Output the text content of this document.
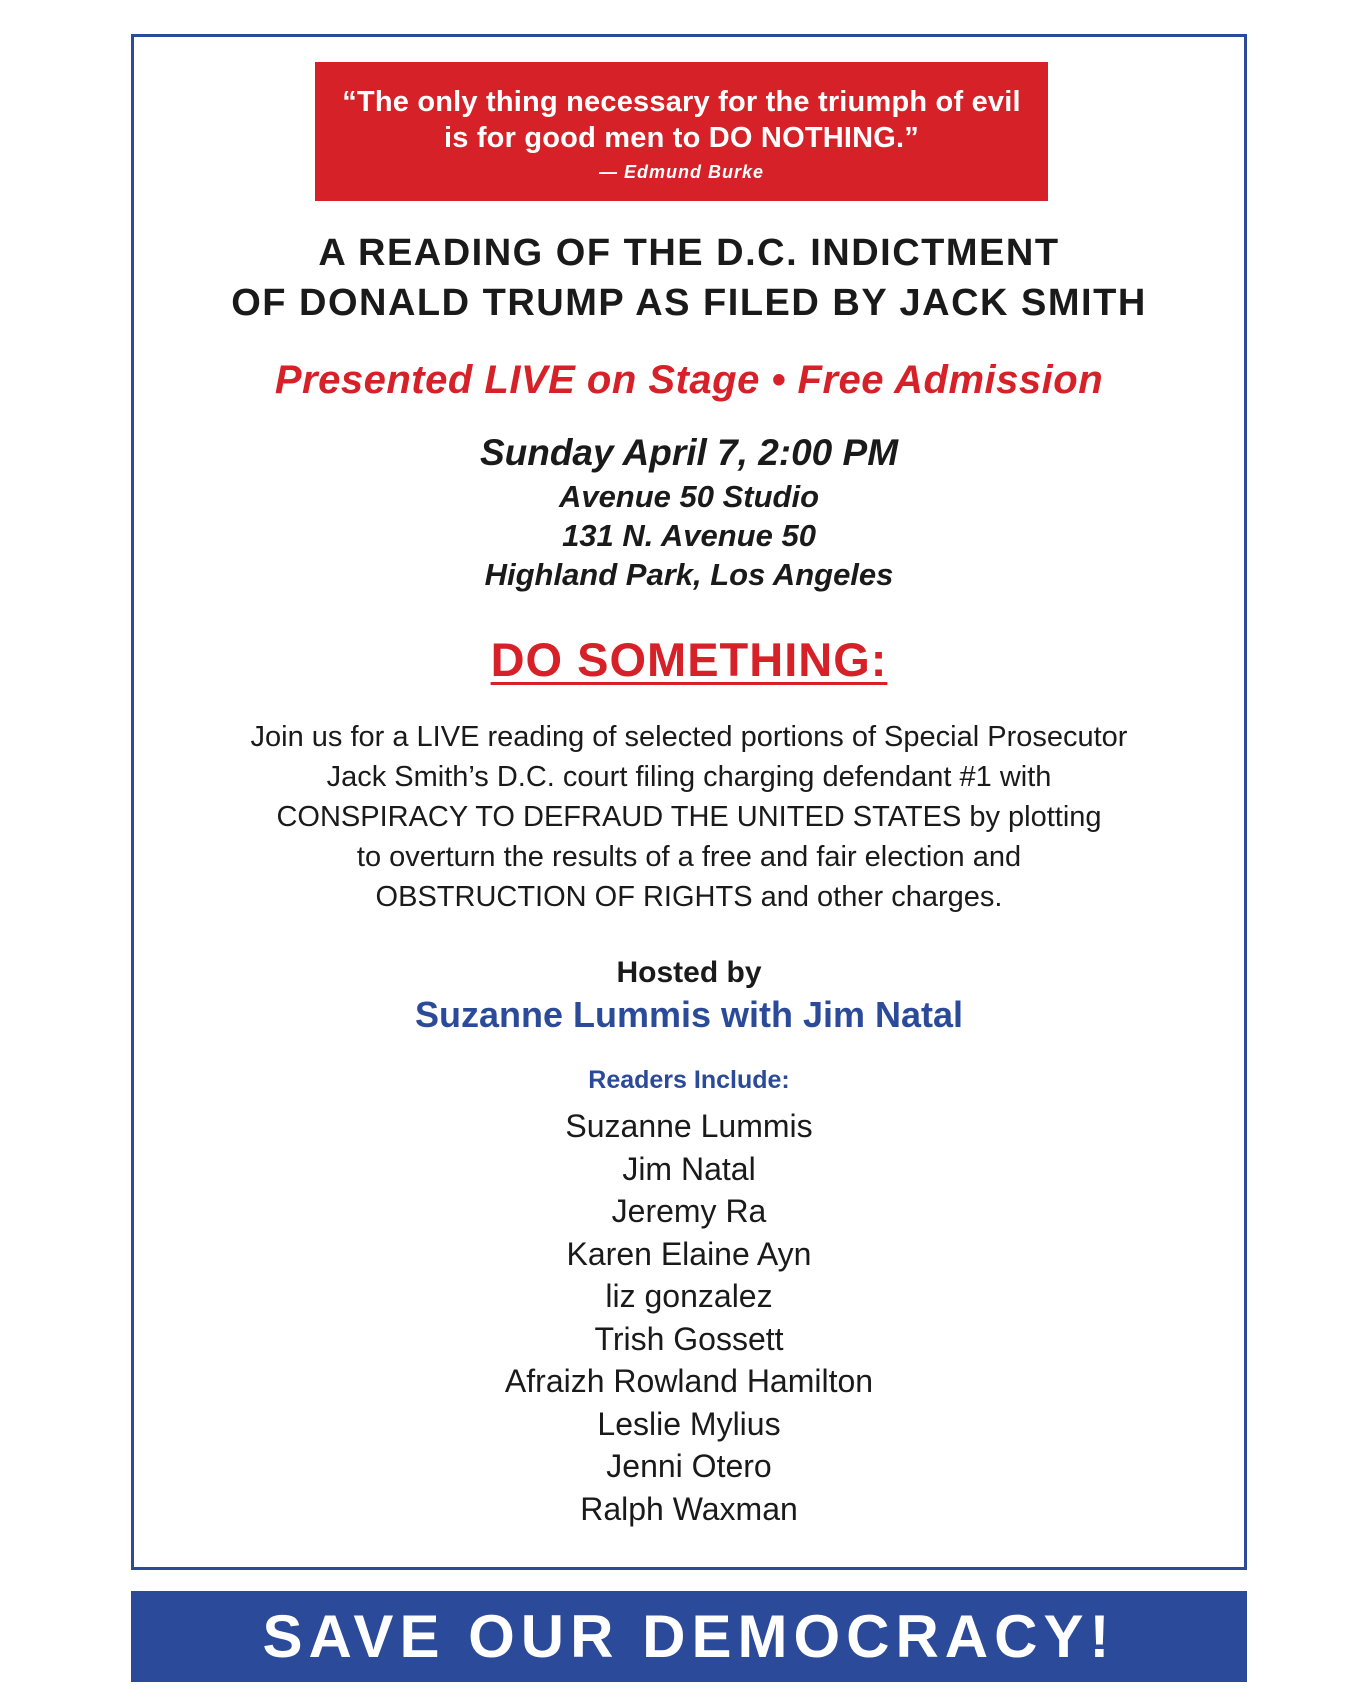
“The only thing necessary for the triumph of evil
is for good men to DO NOTHING.”
— Edmund Burke
A READING OF THE D.C. INDICTMENT
OF DONALD TRUMP AS FILED BY JACK SMITH
Presented LIVE on Stage • Free Admission
Sunday April 7, 2:00 PM
Avenue 50 Studio
131 N. Avenue 50
Highland Park, Los Angeles
DO SOMETHING:
Join us for a LIVE reading of selected portions of Special Prosecutor
Jack Smith’s D.C. court filing charging defendant #1 with
CONSPIRACY TO DEFRAUD THE UNITED STATES by plotting
to overturn the results of a free and fair election and
OBSTRUCTION OF RIGHTS and other charges.
Hosted by
Suzanne Lummis with Jim Natal
Readers Include:
Suzanne Lummis
Jim Natal
Jeremy Ra
Karen Elaine Ayn
liz gonzalez
Trish Gossett
Afraizh Rowland Hamilton
Leslie Mylius
Jenni Otero
Ralph Waxman
SAVE OUR DEMOCRACY!
